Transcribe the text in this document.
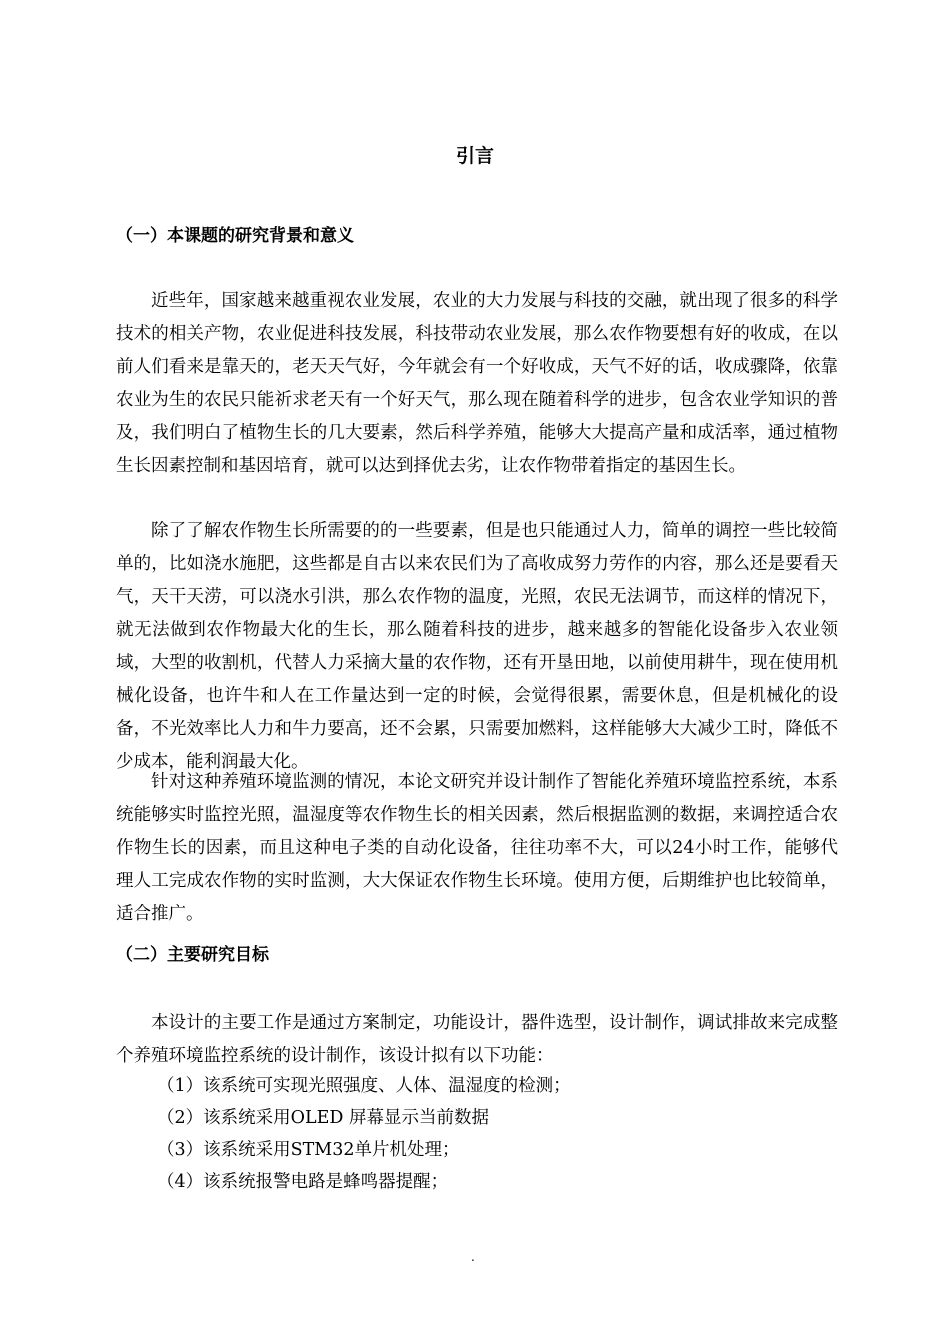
引言
（一）本课题的研究背景和意义

近些年，国家越来越重视农业发展，农业的大力发展与科技的交融，就出现了很多的科学技术的相关产物，农业促进科技发展，科技带动农业发展，那么农作物要想有好的收成，在以前人们看来是靠天的，老天天气好，今年就会有一个好收成，天气不好的话，收成骤降，依靠农业为生的农民只能祈求老天有一个好天气，那么现在随着科学的进步，包含农业学知识的普及，我们明白了植物生长的几大要素，然后科学养殖，能够大大提高产量和成活率，通过植物生长因素控制和基因培育，就可以达到择优去劣，让农作物带着指定的基因生长。

除了了解农作物生长所需要的的一些要素，但是也只能通过人力，简单的调控一些比较简单的，比如浇水施肥，这些都是自古以来农民们为了高收成努力劳作的内容，那么还是要看天气，天干天涝，可以浇水引洪，那么农作物的温度，光照，农民无法调节，而这样的情况下，就无法做到农作物最大化的生长，那么随着科技的进步，越来越多的智能化设备步入农业领域，大型的收割机，代替人力采摘大量的农作物，还有开垦田地，以前使用耕牛，现在使用机械化设备，也许牛和人在工作量达到一定的时候，会觉得很累，需要休息，但是机械化的设备，不光效率比人力和牛力要高，还不会累，只需要加燃料，这样能够大大减少工时，降低不少成本，能利润最大化。

针对这种养殖环境监测的情况，本论文研究并设计制作了智能化养殖环境监控系统，本系统能够实时监控光照，温湿度等农作物生长的相关因素，然后根据监测的数据，来调控适合农作物生长的因素，而且这种电子类的自动化设备，往往功率不大，可以24小时工作，能够代理人工完成农作物的实时监测，大大保证农作物生长环境。使用方便，后期维护也比较简单，适合推广。

（二）主要研究目标

本设计的主要工作是通过方案制定，功能设计，器件选型，设计制作，调试排故来完成整个养殖环境监控系统的设计制作，该设计拟有以下功能：

（1）该系统可实现光照强度、人体、温湿度的检测；

（2）该系统采用OLED 屏幕显示当前数据

（3）该系统采用STM32单片机处理；

（4）该系统报警电路是蜂鸣器提醒；

.
